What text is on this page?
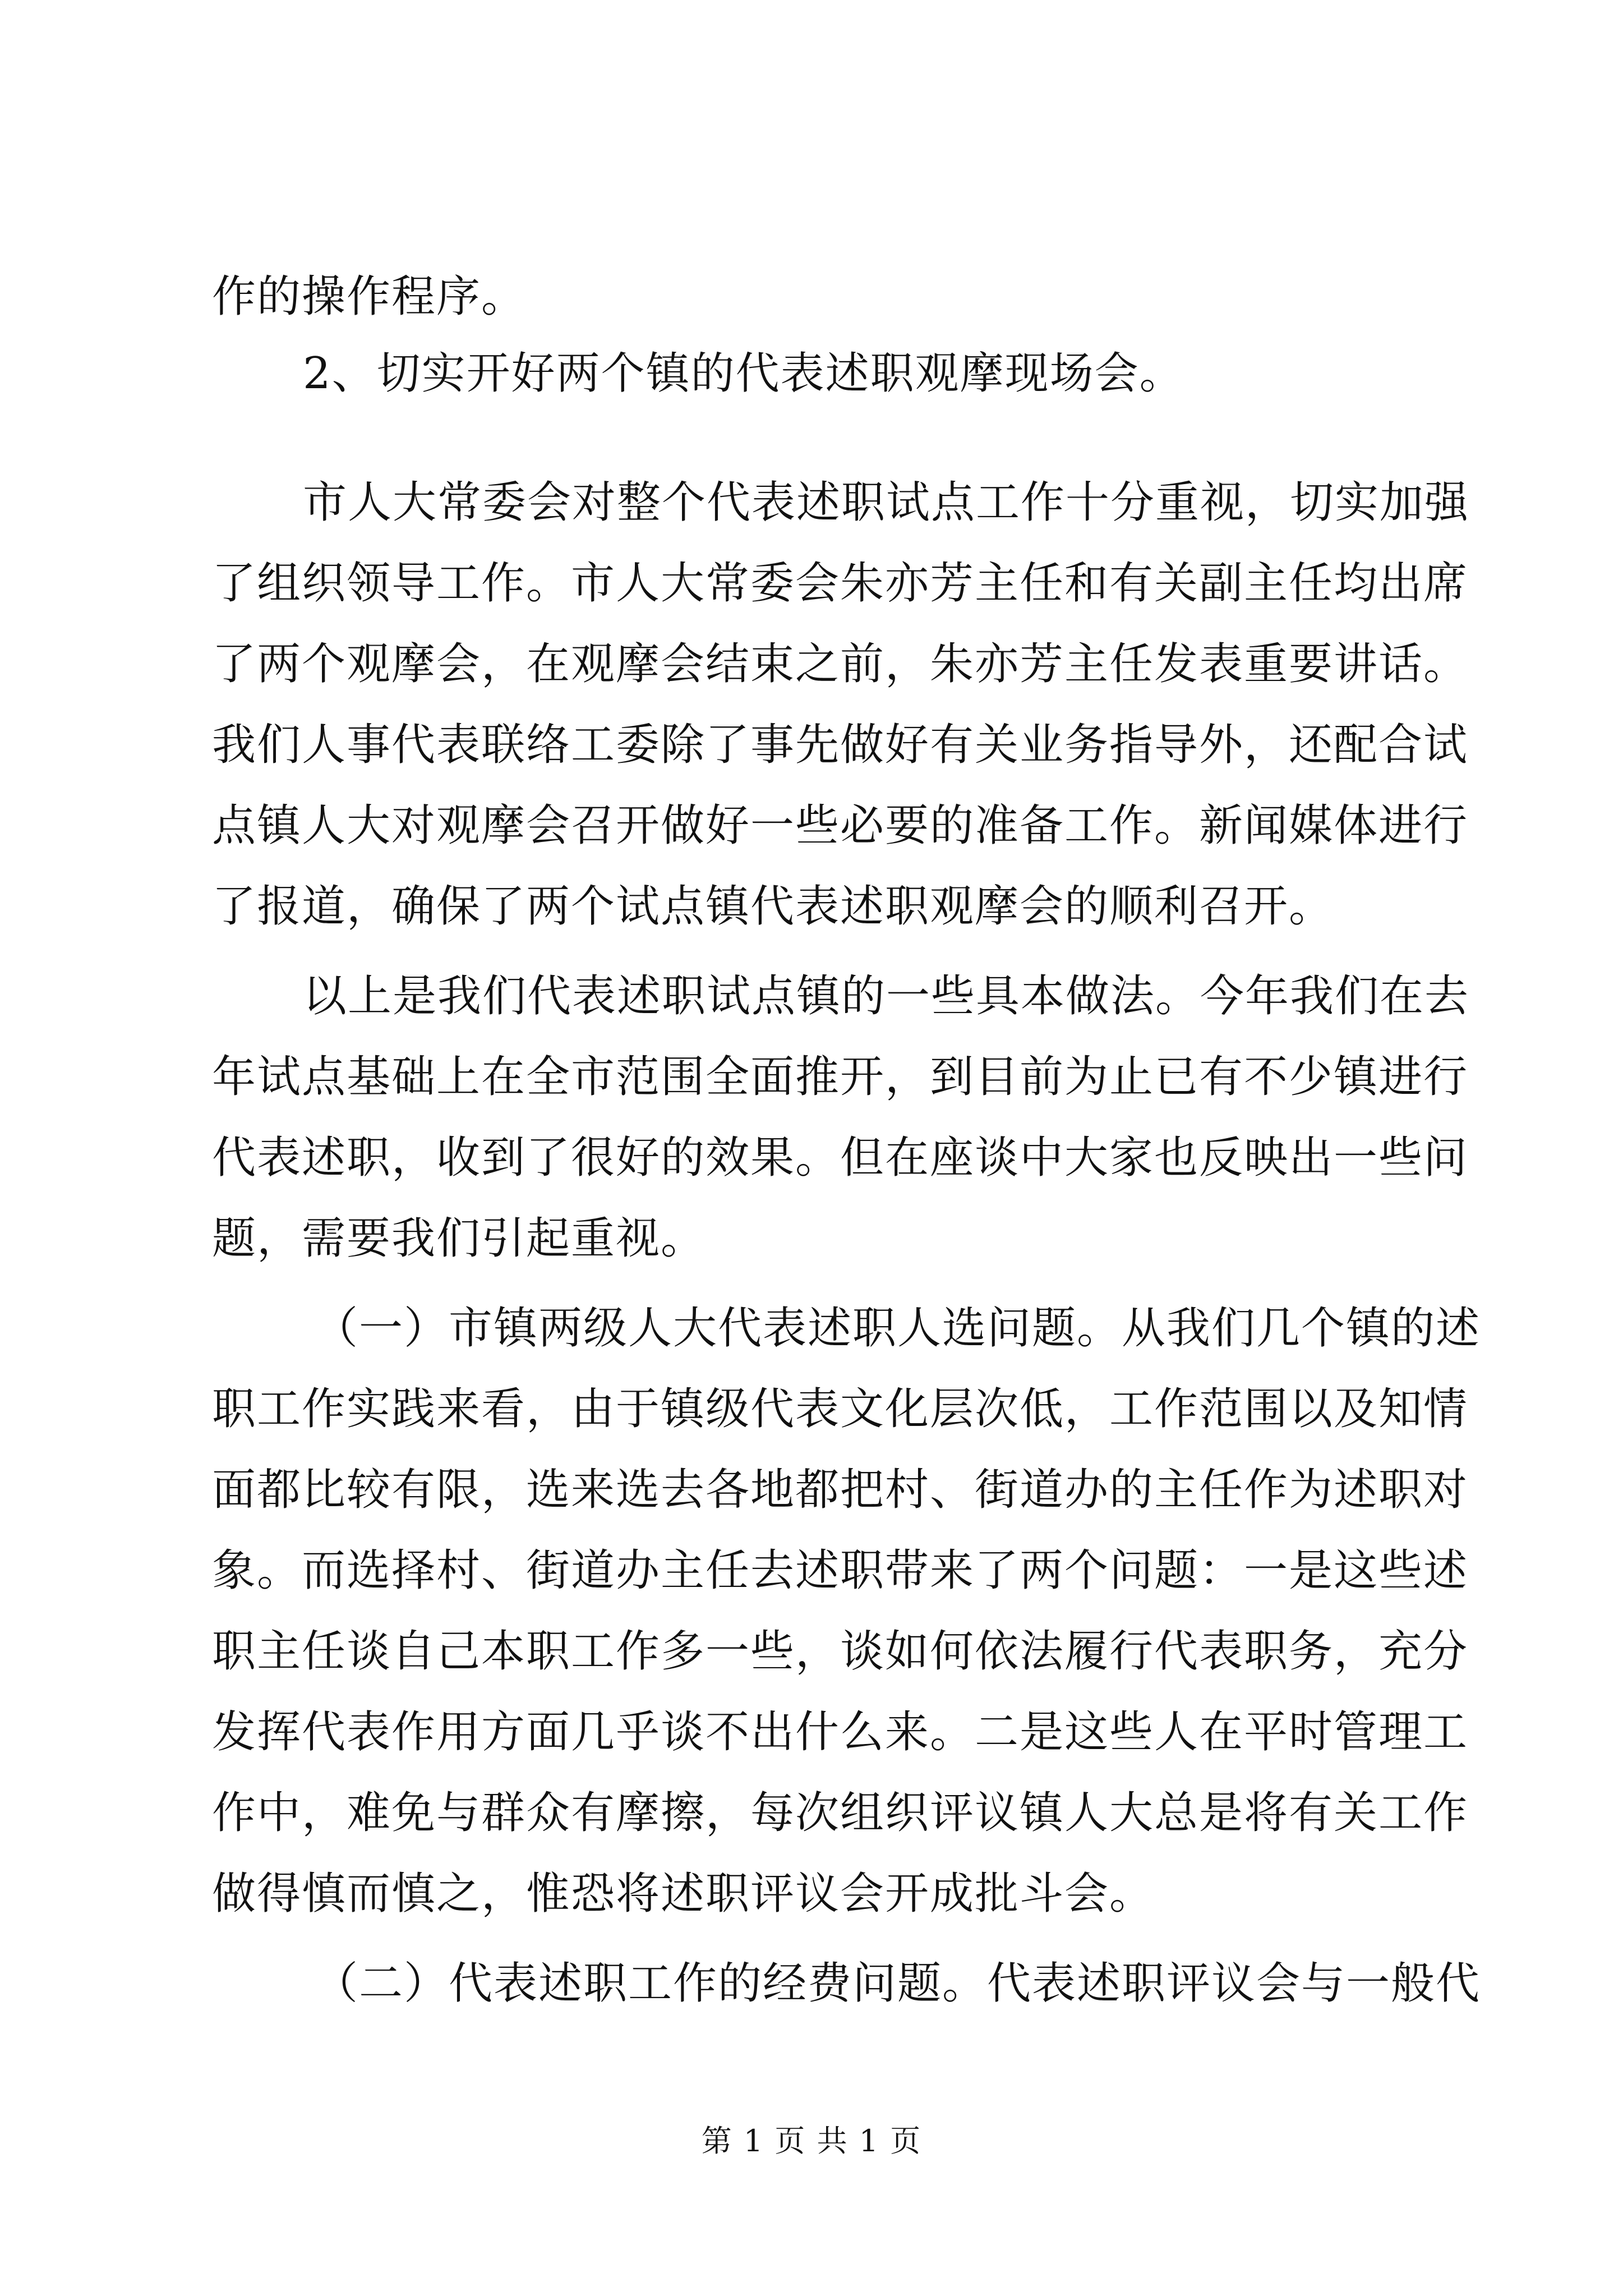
作的操作程序。
2、切实开好两个镇的代表述职观摩现场会。
市人大常委会对整个代表述职试点工作十分重视，切实加强
了组织领导工作。市人大常委会朱亦芳主任和有关副主任均出席
了两个观摩会，在观摩会结束之前，朱亦芳主任发表重要讲话。
我们人事代表联络工委除了事先做好有关业务指导外，还配合试
点镇人大对观摩会召开做好一些必要的准备工作。新闻媒体进行
了报道，确保了两个试点镇代表述职观摩会的顺利召开。
以上是我们代表述职试点镇的一些具本做法。今年我们在去
年试点基础上在全市范围全面推开，到目前为止已有不少镇进行
代表述职，收到了很好的效果。但在座谈中大家也反映出一些问
题，需要我们引起重视。
（一）市镇两级人大代表述职人选问题。从我们几个镇的述
职工作实践来看，由于镇级代表文化层次低，工作范围以及知情
面都比较有限，选来选去各地都把村、街道办的主任作为述职对
象。而选择村、街道办主任去述职带来了两个问题：一是这些述
职主任谈自己本职工作多一些，谈如何依法履行代表职务，充分
发挥代表作用方面几乎谈不出什么来。二是这些人在平时管理工
作中，难免与群众有摩擦，每次组织评议镇人大总是将有关工作
做得慎而慎之，惟恐将述职评议会开成批斗会。
（二）代表述职工作的经费问题。代表述职评议会与一般代
第 1 页 共 1 页
